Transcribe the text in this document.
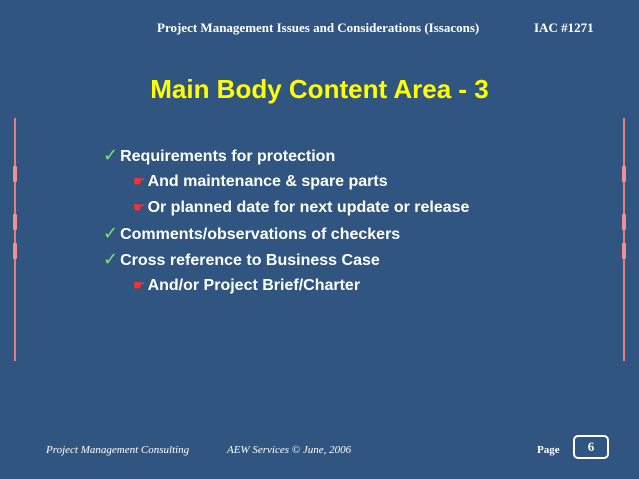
Project Management Issues and Considerations (Issacons)	IAC #1271
Main Body Content Area - 3
✓ Requirements for protection
☛ And maintenance & spare parts
☛ Or planned date for next update or release
✓ Comments/observations of checkers
✓ Cross reference to Business Case
☛ And/or Project Brief/Charter
Project Management Consulting	AEW Services © June, 2006	Page	6
